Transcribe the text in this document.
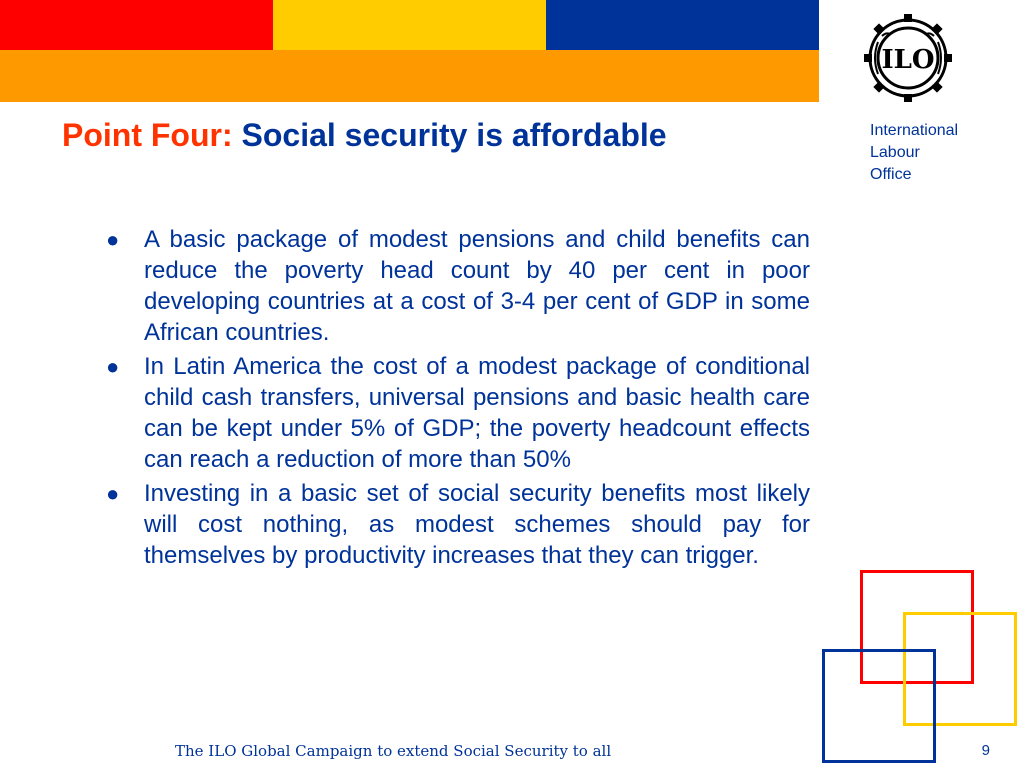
ILO
International
Labour
Office
Point Four: Social security is affordable
● A basic package of modest pensions and child benefits can reduce the poverty head count by 40 per cent in poor developing countries at a cost of 3-4 per cent of GDP in some African countries.
● In Latin America the cost of a modest package of conditional child cash transfers, universal pensions and basic health care can be kept under 5% of GDP; the poverty headcount effects can reach a reduction of more than 50%
● Investing in a basic set of social security benefits most likely will cost nothing, as modest schemes should pay for themselves by productivity increases that they can trigger.
The ILO Global Campaign to extend Social Security to all	9
